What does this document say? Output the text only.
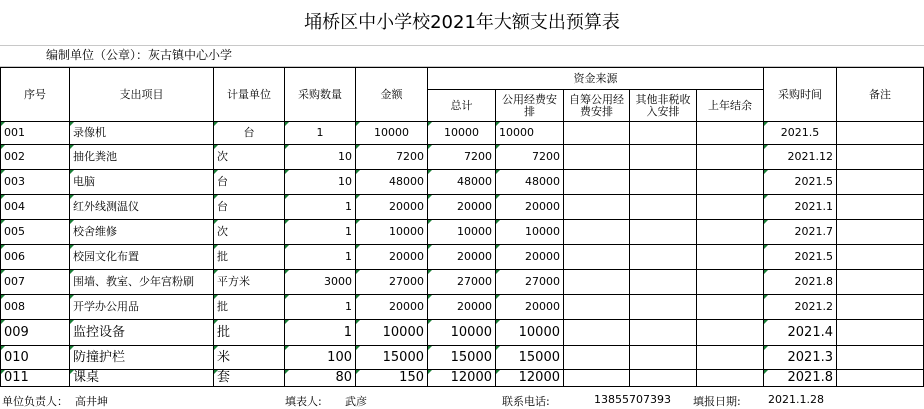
埇桥区中小学校2021年大额支出预算表
编制单位（公章）：灰古镇中心小学
序号	支出项目	计量单位	采购数量	金额	资金来源					采购时间	备注
					总计	公用经费安排	自筹公用经费安排	其他非税收入安排	上年结余		
001	录像机	台	1	10000	10000	10000				2021.5	
002	抽化粪池	次	10	7200	7200	7200				2021.12	
003	电脑	台	10	48000	48000	48000				2021.5	
004	红外线测温仪	台	1	20000	20000	20000				2021.1	
005	校舍维修	次	1	10000	10000	10000				2021.7	
006	校园文化布置	批	1	20000	20000	20000				2021.5	
007	围墙、教室、少年宫粉刷	平方米	3000	27000	27000	27000				2021.8	
008	开学办公用品	批	1	20000	20000	20000				2021.2	
009	监控设备	批	1	10000	10000	10000				2021.4	
010	防撞护栏	米	100	15000	15000	15000				2021.3	
011	课桌	套	80	150	12000	12000				2021.8	
单位负责人： 高井坤	填表人: 武彦	联系电话:	13855707393 填报日期: 2021.1.28
